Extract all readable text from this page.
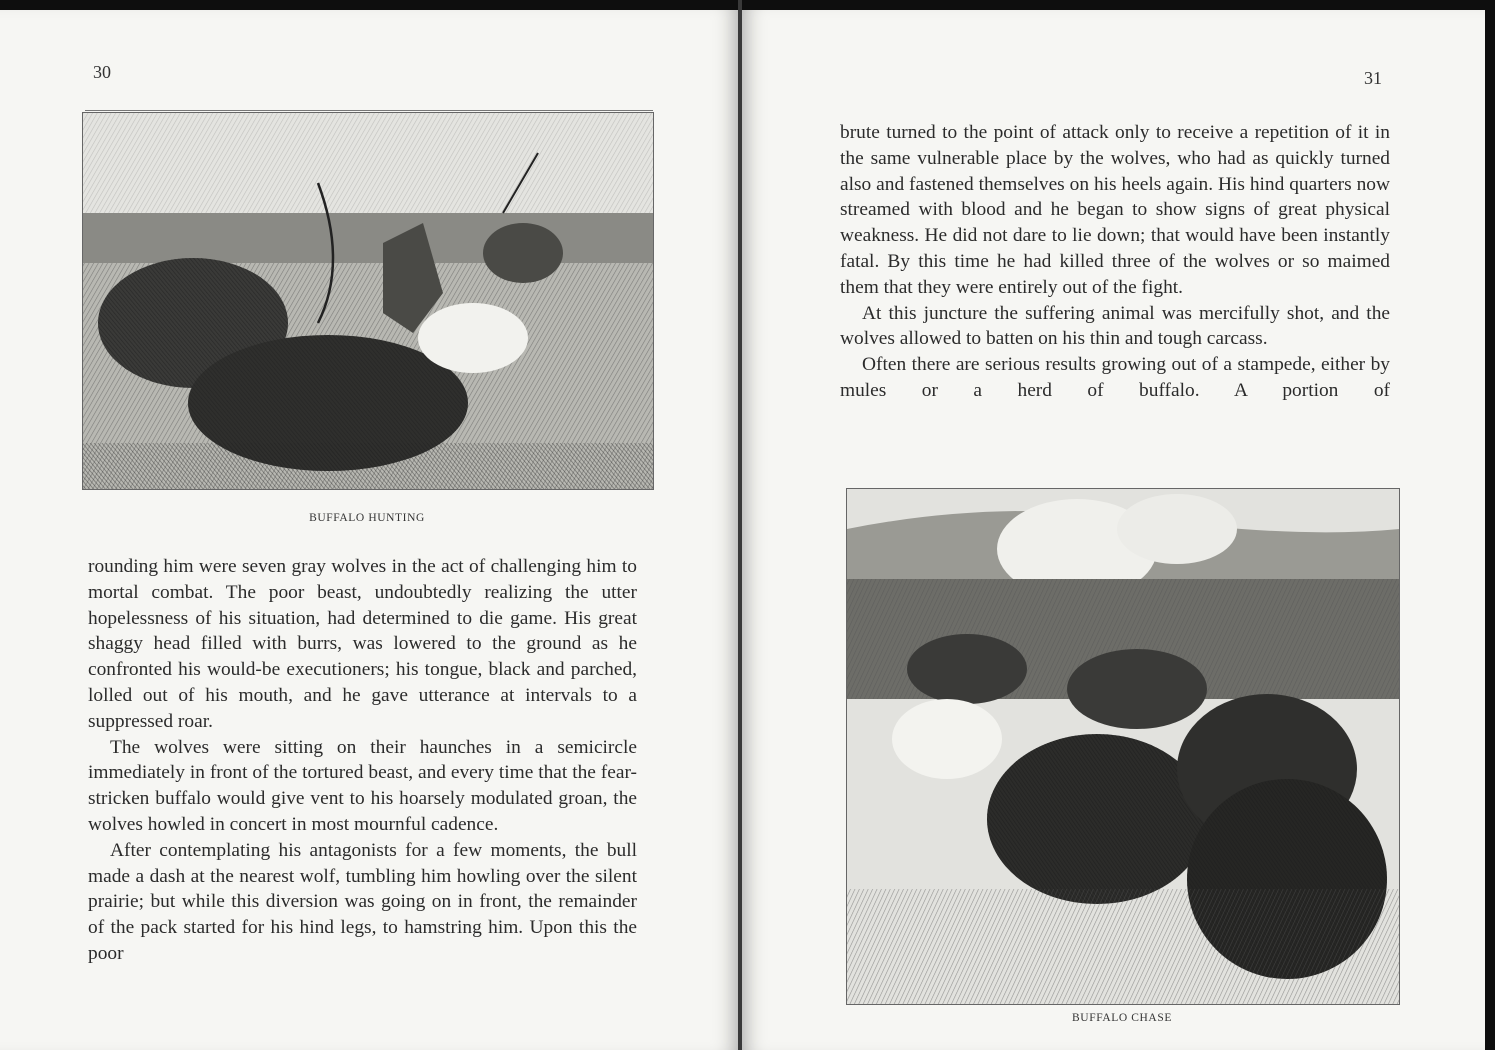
30
BUFFALO HUNTING

rounding him were seven gray wolves in the act of challenging him to mortal combat. The poor beast, undoubtedly realizing the utter hopelessness of his situation, had determined to die game. His great shaggy head filled with burrs, was lowered to the ground as he confronted his would-be executioners; his tongue, black and parched, lolled out of his mouth, and he gave utterance at intervals to a suppressed roar.

The wolves were sitting on their haunches in a semicircle immediately in front of the tortured beast, and every time that the fear-stricken buffalo would give vent to his hoarsely modulated groan, the wolves howled in concert in most mournful cadence.

After contemplating his antagonists for a few moments, the bull made a dash at the nearest wolf, tumbling him howling over the silent prairie; but while this diversion was going on in front, the remainder of the pack started for his hind legs, to hamstring him. Upon this the poor

31

brute turned to the point of attack only to receive a repetition of it in the same vulnerable place by the wolves, who had as quickly turned also and fastened themselves on his heels again. His hind quarters now streamed with blood and he began to show signs of great physical weakness. He did not dare to lie down; that would have been instantly fatal. By this time he had killed three of the wolves or so maimed them that they were entirely out of the fight.

At this juncture the suffering animal was mercifully shot, and the wolves allowed to batten on his thin and tough carcass.

Often there are serious results growing out of a stampede, either by mules or a herd of buffalo. A portion of

BUFFALO CHASE
